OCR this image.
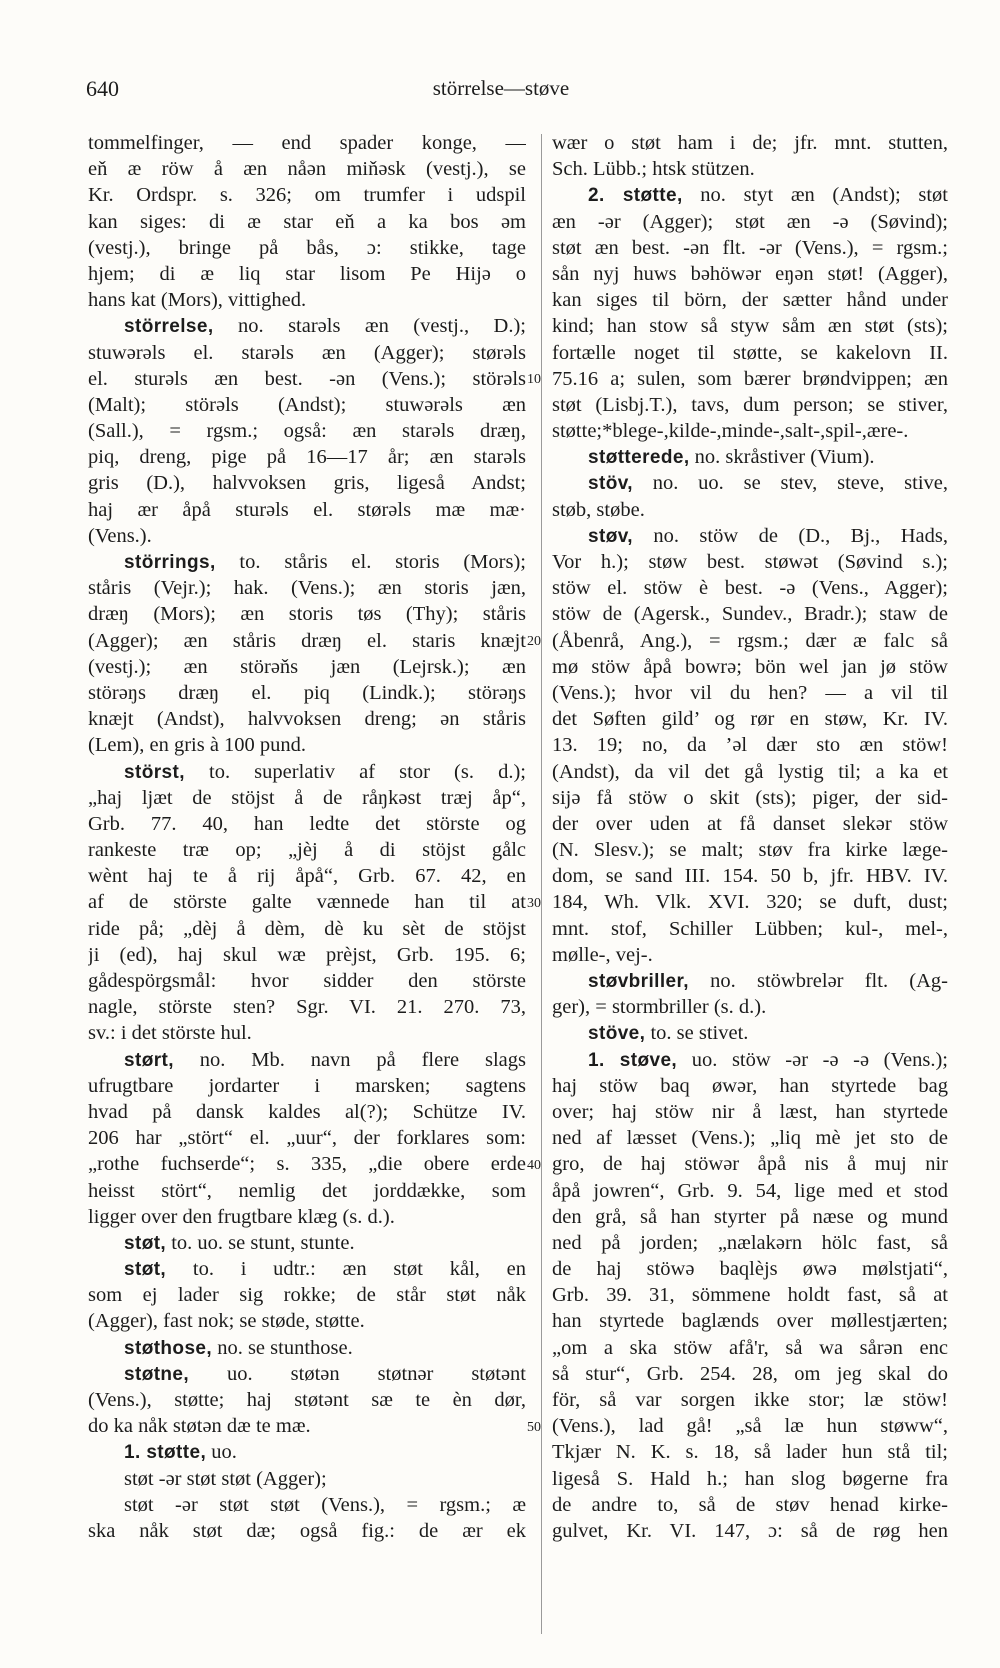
640	störrelse—støve
tommelfinger, — end spader konge, —
eň æ röw å æn nåən miňəsk (vestj.), se
Kr. Ordspr. s. 326; om trumfer i udspil
kan siges: di æ star eň a ka bos əm
(vestj.), bringe på bås, ɔ: stikke, tage
hjem; di æ liq star lisom Pe Hijə o
hans kat (Mors), vittighed.
störrelse, no. starəls æn (vestj., D.);
stuwərəls el. starəls æn (Agger); størəls
el. sturəls æn best. -ən (Vens.); störəls
(Malt); störəls (Andst); stuwərəls æn
(Sall.), = rgsm.; også: æn starəls dræŋ,
piq, dreng, pige på 16—17 år; æn starəls
gris (D.), halvvoksen gris, ligeså Andst;
haj ær åpå sturəls el. størəls mæ mæ·
(Vens.).
störrings, to. ståris el. storis (Mors);
ståris (Vejr.); hak. (Vens.); æn storis jæn,
dræŋ (Mors); æn storis tøs (Thy); ståris
(Agger); æn ståris dræŋ el. staris knæjt
(vestj.); æn störəňs jæn (Lejrsk.); æn
störəŋs dræŋ el. piq (Lindk.); störəŋs
knæjt (Andst), halvvoksen dreng; ən ståris
(Lem), en gris à 100 pund.
störst, to. superlativ af stor (s. d.);
„haj ljæt de stöjst å de råŋkəst træj åp“,
Grb. 77. 40, han ledte det störste og
rankeste træ op; „jèj å di stöjst gålc
wènt haj te å rij åpå“, Grb. 67. 42, en
af de störste galte vænnede han til at
ride på; „dèj å dèm, dè ku sèt de stöjst
ji (ed), haj skul wæ prèjst, Grb. 195. 6;
gådespörgsmål: hvor sidder den störste
nagle, störste sten? Sgr. VI. 21. 270. 73,
sv.: i det störste hul.
størt, no. Mb. navn på flere slags
ufrugtbare jordarter i marsken; sagtens
hvad på dansk kaldes al(?); Schütze IV.
206 har „stört“ el. „uur“, der forklares som:
„rothe fuchserde“; s. 335, „die obere erde
heisst stört“, nemlig det jorddække, som
ligger over den frugtbare klæg (s. d.).
støt, to. uo. se stunt, stunte.
støt, to. i udtr.: æn støt kål, en
som ej lader sig rokke; de står støt nåk
(Agger), fast nok; se støde, støtte.
støthose, no. se stunthose.
støtne, uo. støtən støtnər støtənt
(Vens.), støtte; haj støtənt sæ te èn dør,
do ka nåk støtən dæ te mæ.
1. støtte, uo.
støt -ər støt støt (Agger);
støt -ər støt støt (Vens.), = rgsm.; æ
ska nåk støt dæ; også fig.: de ær ek
wær o støt ham i de; jfr. mnt. stutten,
Sch. Lübb.; htsk stützen.
2. støtte, no. styt æn (Andst); støt
æn -ər (Agger); støt æn -ə (Søvind);
støt æn best. -ən flt. -ər (Vens.), = rgsm.;
sån nyj huws bəhöwər eŋən støt! (Agger),
kan siges til börn, der sætter hånd under
kind; han stow så styw såm æn støt (sts);
fortælle noget til støtte, se kakelovn II.
75.16 a; sulen, som bærer brøndvippen; æn
støt (Lisbj.T.), tavs, dum person; se stiver,
støtte;*blege-,kilde-,minde-,salt-,spil-,ære-.
støtterede, no. skråstiver (Vium).
stöv, no. uo. se stev, steve, stive,
støb, støbe.
støv, no. stöw de (D., Bj., Hads,
Vor h.); støw best. støwət (Søvind s.);
stöw el. stöw è best. -ə (Vens., Agger);
stöw de (Agersk., Sundev., Bradr.); staw de
(Åbenrå, Ang.), = rgsm.; dær æ falc så
mø stöw åpå bowrə; bön wel jan jø stöw
(Vens.); hvor vil du hen? — a vil til
det Søften gild’ og rør en støw, Kr. IV.
13. 19; no, da ’əl dær sto æn stöw!
(Andst), da vil det gå lystig til; a ka et
sijə få stöw o skit (sts); piger, der sid-
der over uden at få danset slekər stöw
(N. Slesv.); se malt; støv fra kirke læge-
dom, se sand III. 154. 50 b, jfr. HBV. IV.
184, Wh. Vlk. XVI. 320; se duft, dust;
mnt. stof, Schiller Lübben; kul-, mel-,
mølle-, vej-.
støvbriller, no. stöwbrelər flt. (Ag-
ger), = stormbriller (s. d.).
stöve, to. se stivet.
1. støve, uo. stöw -ər -ə -ə (Vens.);
haj stöw baq øwər, han styrtede bag
over; haj stöw nir å læst, han styrtede
ned af læsset (Vens.); „liq mè jet sto de
gro, de haj stöwər åpå nis å muj nir
åpå jowren“, Grb. 9. 54, lige med et stod
den grå, så han styrter på næse og mund
ned på jorden; „nælakərn hölc fast, så
de haj stöwə baqlèjs øwə mølstjati“,
Grb. 39. 31, sömmene holdt fast, så at
han styrtede baglænds over møllestjærten;
„om a ska stöw afå'r, så wa sårən enc
så stur“, Grb. 254. 28, om jeg skal do
för, så var sorgen ikke stor; læ stöw!
(Vens.), lad gå! „så læ hun støww“,
Tkjær N. K. s. 18, så lader hun stå til;
ligeså S. Hald h.; han slog bøgerne fra
de andre to, så de støv henad kirke-
gulvet, Kr. VI. 147, ɔ: så de røg hen
10
20
30
40
50
